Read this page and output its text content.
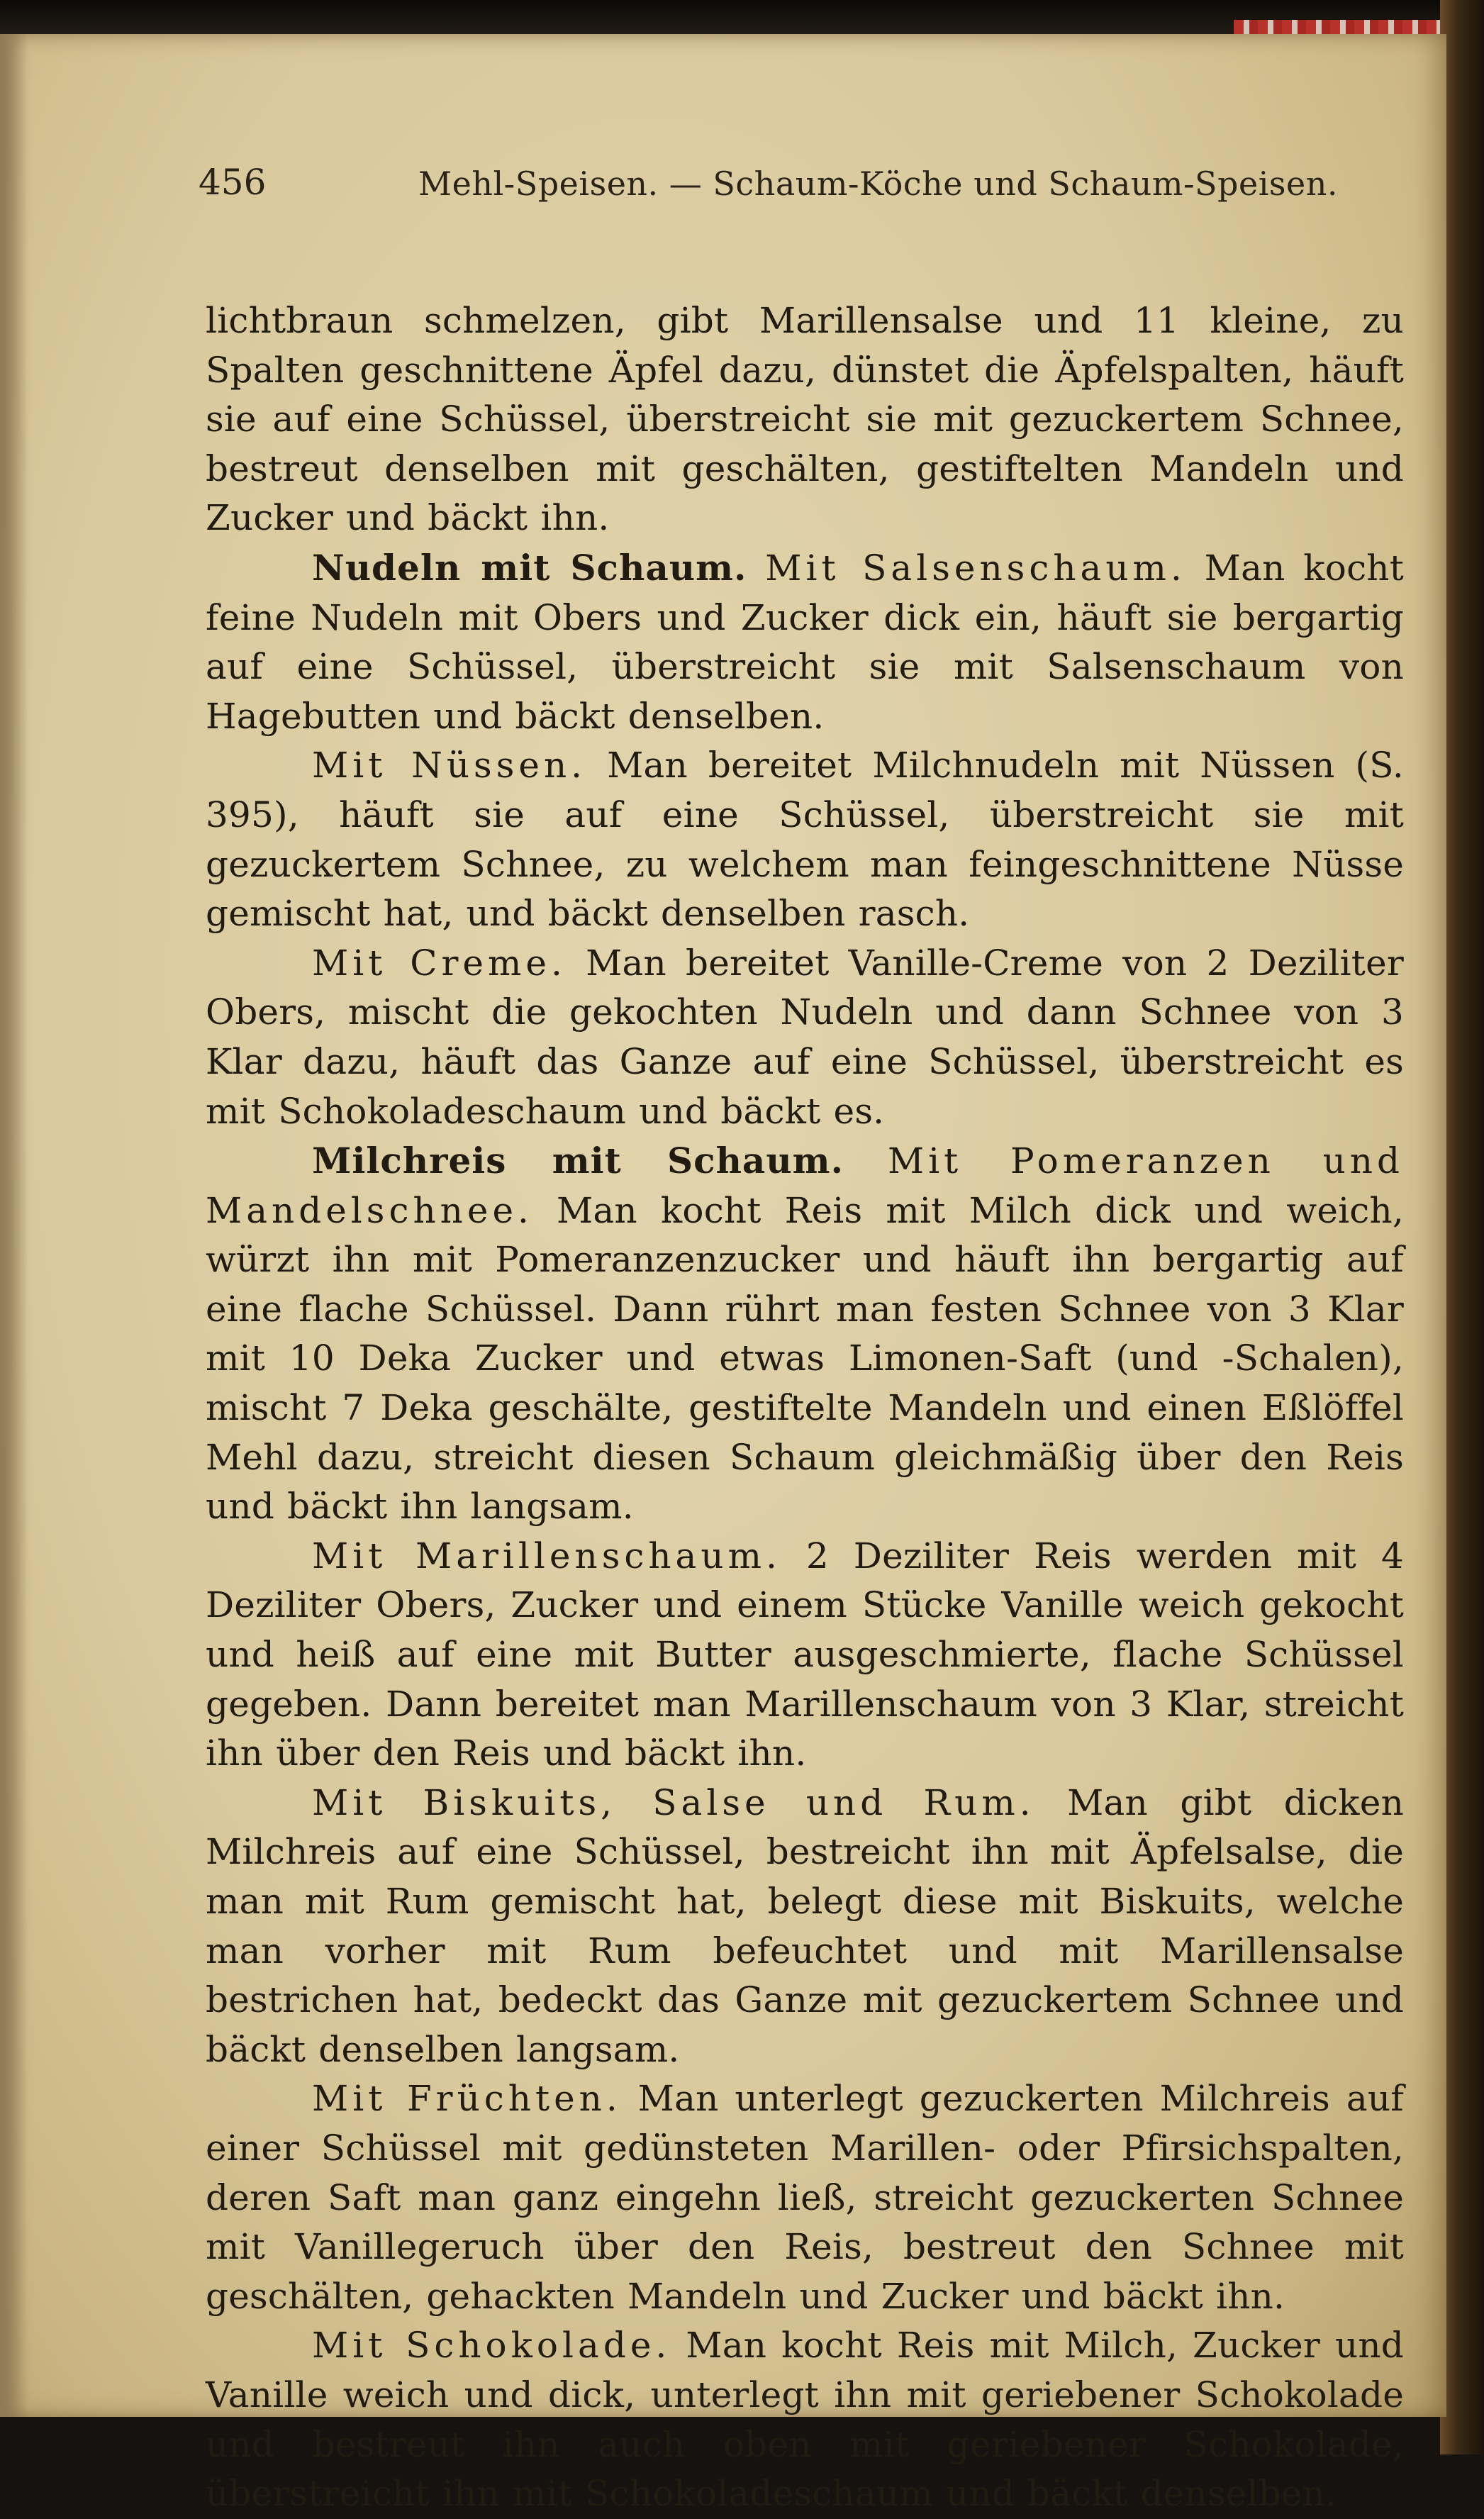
456	Mehl-Speisen. — Schaum-Köche und Schaum-Speisen.

lichtbraun schmelzen, gibt Marillensalse und 11 kleine, zu Spalten geschnittene Äpfel dazu, dünstet die Äpfelspalten, häuft sie auf eine Schüssel, überstreicht sie mit gezuckertem Schnee, bestreut denselben mit geschälten, gestiftelten Mandeln und Zucker und bäckt ihn.

Nudeln mit Schaum. Mit Salsenschaum. Man kocht feine Nudeln mit Obers und Zucker dick ein, häuft sie bergartig auf eine Schüssel, überstreicht sie mit Salsenschaum von Hagebutten und bäckt denselben.

Mit Nüssen. Man bereitet Milchnudeln mit Nüssen (S. 395), häuft sie auf eine Schüssel, überstreicht sie mit gezuckertem Schnee, zu welchem man feingeschnittene Nüsse gemischt hat, und bäckt denselben rasch.

Mit Creme. Man bereitet Vanille-Creme von 2 Deziliter Obers, mischt die gekochten Nudeln und dann Schnee von 3 Klar dazu, häuft das Ganze auf eine Schüssel, überstreicht es mit Schokoladeschaum und bäckt es.

Milchreis mit Schaum. Mit Pomeranzen und Mandelschnee. Man kocht Reis mit Milch dick und weich, würzt ihn mit Pomeranzenzucker und häuft ihn bergartig auf eine flache Schüssel. Dann rührt man festen Schnee von 3 Klar mit 10 Deka Zucker und etwas Limonen-Saft (und -Schalen), mischt 7 Deka geschälte, gestiftelte Mandeln und einen Eßlöffel Mehl dazu, streicht diesen Schaum gleichmäßig über den Reis und bäckt ihn langsam.

Mit Marillenschaum. 2 Deziliter Reis werden mit 4 Deziliter Obers, Zucker und einem Stücke Vanille weich gekocht und heiß auf eine mit Butter ausgeschmierte, flache Schüssel gegeben. Dann bereitet man Marillenschaum von 3 Klar, streicht ihn über den Reis und bäckt ihn.

Mit Biskuits, Salse und Rum. Man gibt dicken Milchreis auf eine Schüssel, bestreicht ihn mit Äpfelsalse, die man mit Rum gemischt hat, belegt diese mit Biskuits, welche man vorher mit Rum befeuchtet und mit Marillensalse bestrichen hat, bedeckt das Ganze mit gezuckertem Schnee und bäckt denselben langsam.

Mit Früchten. Man unterlegt gezuckerten Milchreis auf einer Schüssel mit gedünsteten Marillen- oder Pfirsichspalten, deren Saft man ganz eingehn ließ, streicht gezuckerten Schnee mit Vanillegeruch über den Reis, bestreut den Schnee mit geschälten, gehackten Mandeln und Zucker und bäckt ihn.

Mit Schokolade. Man kocht Reis mit Milch, Zucker und Vanille weich und dick, unterlegt ihn mit geriebener Schokolade und bestreut ihn auch oben mit geriebener Schokolade, überstreicht ihn mit Schokoladeschaum und bäckt denselben.
